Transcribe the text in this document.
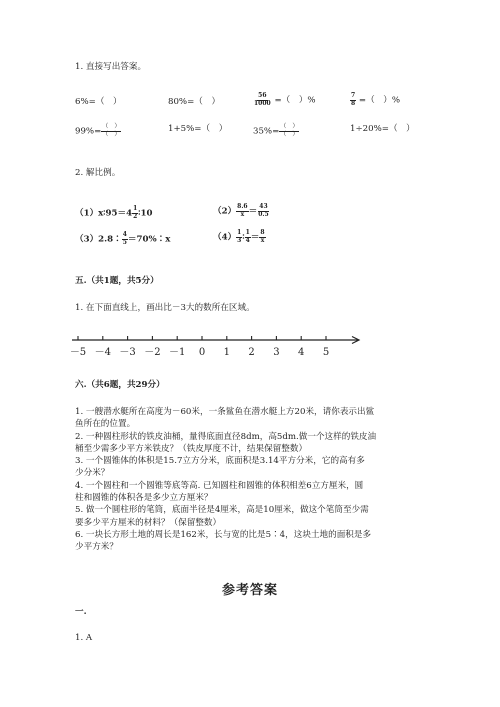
1. 直接写出答案。
6%=（　）	80%=（　）	$\frac{56}{1000}$ =（　）%	$\frac{7}{8}$ =（　）%
$99\%= \frac{( )}{( )}$	1+5%=（　）	$35\%= \frac{( )}{( )}$	1÷20%=（　）
2. 解比例。
（1）x∶95＝4 $\frac{1}{2}$ ∶10	$(2) \frac{8.6}{x} = \frac{43}{0.5}$
（3）2.8∶ $\frac{4}{5}$ ＝70%∶x	$(4) \frac{1}{3}$ ∶ $\frac{1}{4} = \frac{8}{x}$
五.（共1题，共5分）
1. 在下面直线上，画出比－3大的数所在区域。
－5 －4 －3 －2 －1 0 1 2 3 4 5
六.（共6题，共29分）
1. 一艘潜水艇所在高度为－60米，一条鲨鱼在潜水艇上方20米，请你表示出鲨
鱼所在的位置。
2. 一种圆柱形状的铁皮油桶，量得底面直径8dm，高5dm.做一个这样的铁皮油
桶至少需多少平方米铁皮？（铁皮厚度不计，结果保留整数）
3. 一个圆锥体的体积是15.7立方分米，底面积是3.14平方分米，它的高有多
少分米？
4. 一个圆柱和一个圆锥等底等高. 已知圆柱和圆锥的体积相差6立方厘米，圆
柱和圆锥的体积各是多少立方厘米？
5. 做一个圆柱形的笔筒，底面半径是4厘米，高是10厘米，做这个笔筒至少需
要多少平方厘米的材料？（保留整数）
6. 一块长方形土地的周长是162米，长与宽的比是5∶4，这块土地的面积是多
少平方米？
参考答案
一.
1. A
